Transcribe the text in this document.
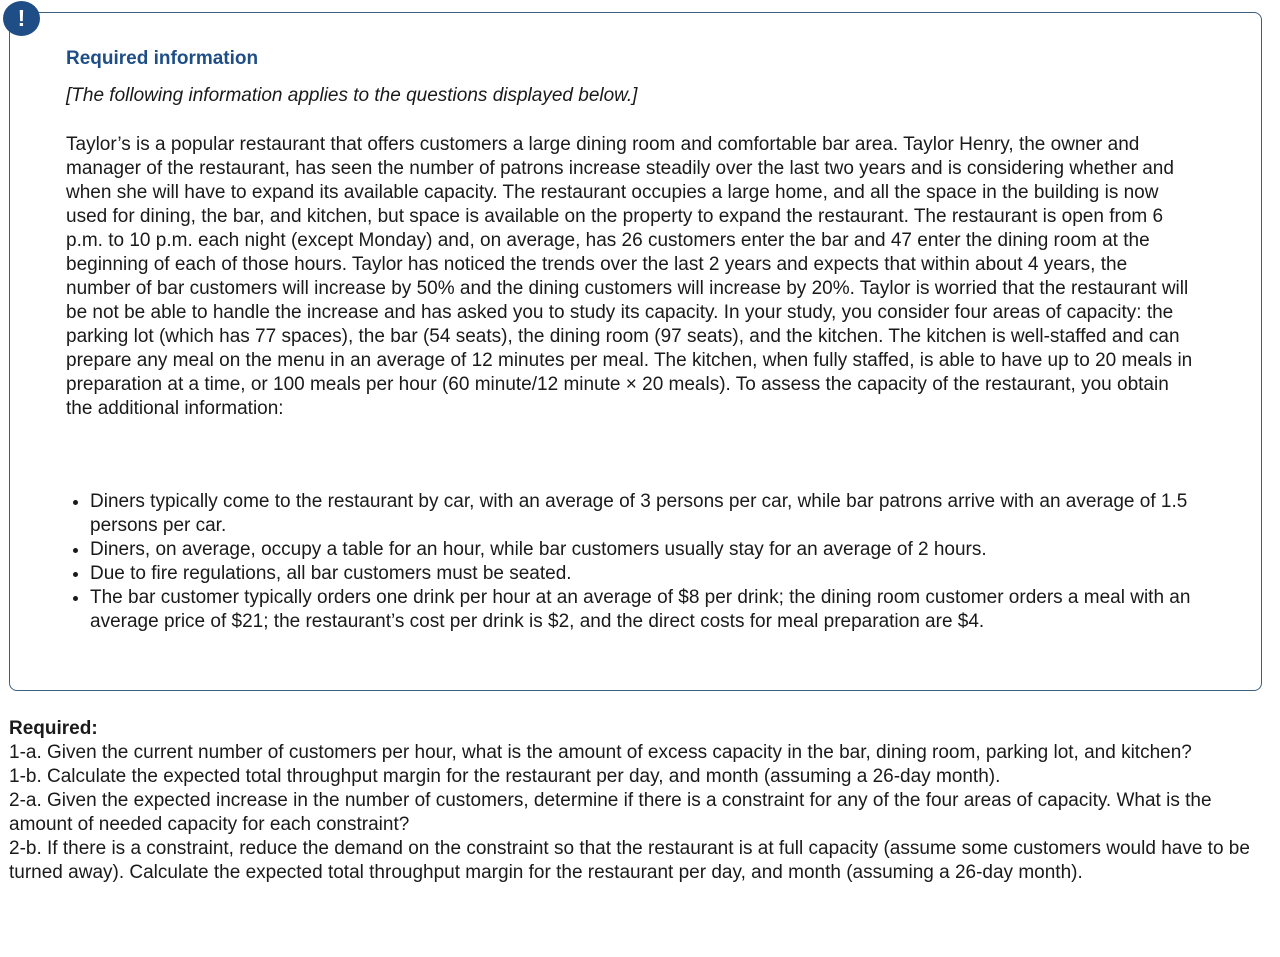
Required information

[The following information applies to the questions displayed below.]

Taylor’s is a popular restaurant that offers customers a large dining room and comfortable bar area. Taylor Henry, the owner and manager of the restaurant, has seen the number of patrons increase steadily over the last two years and is considering whether and when she will have to expand its available capacity. The restaurant occupies a large home, and all the space in the building is now used for dining, the bar, and kitchen, but space is available on the property to expand the restaurant. The restaurant is open from 6 p.m. to 10 p.m. each night (except Monday) and, on average, has 26 customers enter the bar and 47 enter the dining room at the beginning of each of those hours. Taylor has noticed the trends over the last 2 years and expects that within about 4 years, the number of bar customers will increase by 50% and the dining customers will increase by 20%. Taylor is worried that the restaurant will be not be able to handle the increase and has asked you to study its capacity. In your study, you consider four areas of capacity: the parking lot (which has 77 spaces), the bar (54 seats), the dining room (97 seats), and the kitchen. The kitchen is well-staffed and can prepare any meal on the menu in an average of 12 minutes per meal. The kitchen, when fully staffed, is able to have up to 20 meals in preparation at a time, or 100 meals per hour (60 minute/12 minute × 20 meals). To assess the capacity of the restaurant, you obtain the additional information:

• Diners typically come to the restaurant by car, with an average of 3 persons per car, while bar patrons arrive with an average of 1.5 persons per car.
• Diners, on average, occupy a table for an hour, while bar customers usually stay for an average of 2 hours.
• Due to fire regulations, all bar customers must be seated.
• The bar customer typically orders one drink per hour at an average of $8 per drink; the dining room customer orders a meal with an average price of $21; the restaurant’s cost per drink is $2, and the direct costs for meal preparation are $4.
!
Required:
1-a. Given the current number of customers per hour, what is the amount of excess capacity in the bar, dining room, parking lot, and kitchen?
1-b. Calculate the expected total throughput margin for the restaurant per day, and month (assuming a 26-day month).
2-a. Given the expected increase in the number of customers, determine if there is a constraint for any of the four areas of capacity. What is the amount of needed capacity for each constraint?
2-b. If there is a constraint, reduce the demand on the constraint so that the restaurant is at full capacity (assume some customers would have to be turned away). Calculate the expected total throughput margin for the restaurant per day, and month (assuming a 26-day month).
